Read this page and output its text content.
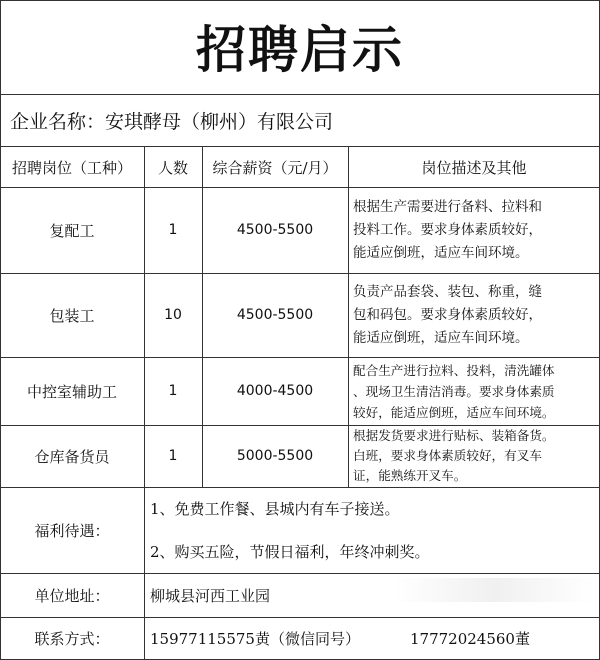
招聘启示
企业名称： 安琪酵母（柳州）有限公司
招聘岗位（工种）	人数	综合薪资（元/月）	岗位描述及其他
复配工	1	4500-5500
根据生产需要进行备料、拉料和
投料工作。要求身体素质较好，
能适应倒班，适应车间环境。
包装工	10	4500-5500
负责产品套袋、装包、称重，缝
包和码包。要求身体素质较好，
能适应倒班，适应车间环境。
中控室辅助工	1	4000-4500
配合生产进行拉料、投料，清洗罐体
、现场卫生清洁消毒。要求身体素质
较好，能适应倒班，适应车间环境。
仓库备货员	1	5000-5500
根据发货要求进行贴标、装箱备货。
白班，要求身体素质较好，有叉车
证，能熟练开叉车。
福利待遇：
1、免费工作餐、县城内有车子接送。
2、购买五险，节假日福利，年终冲刺奖。
单位地址：	柳城县河西工业园
联系方式：	15977115575黄（微信同号）	17772024560董
